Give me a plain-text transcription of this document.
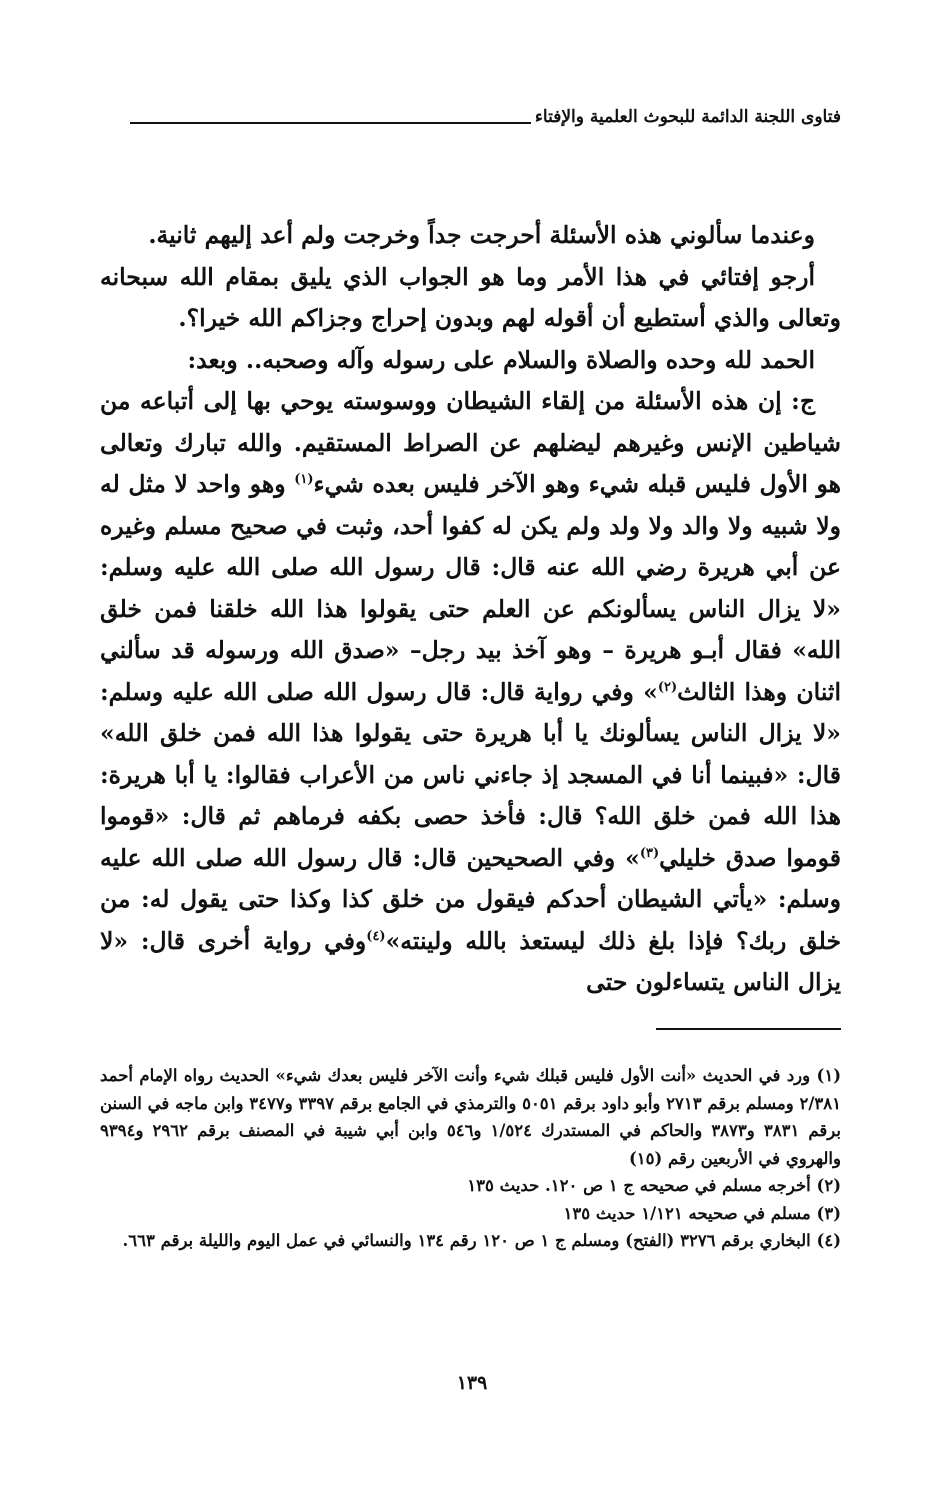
فتاوى اللجنة الدائمة للبحوث العلمية والإفتاء

وعندما سألوني هذه الأسئلة أحرجت جداً وخرجت ولم أعد إليهم ثانية.

أرجو إفتائي في هذا الأمر وما هو الجواب الذي يليق بمقام الله سبحانه وتعالى والذي أستطيع أن أقوله لهم وبدون إحراج وجزاكم الله خيرا؟.

الحمد لله وحده والصلاة والسلام على رسوله وآله وصحبه.. وبعد:

ج: إن هذه الأسئلة من إلقاء الشيطان ووسوسته يوحي بها إلى أتباعه من شياطين الإنس وغيرهم ليضلهم عن الصراط المستقيم. والله تبارك وتعالى هو الأول فليس قبله شيء وهو الآخر فليس بعده شيء$^{(١)}$ وهو واحد لا مثل له ولا شبيه ولا والد ولا ولد ولم يكن له كفوا أحد، وثبت في صحيح مسلم وغيره عن أبي هريرة رضي الله عنه قال: قال رسول الله صلى الله عليه وسلم: «لا يزال الناس يسألونكم عن العلم حتى يقولوا هذا الله خلقنا فمن خلق الله» فقال أبـو هريرة – وهو آخذ بيد رجل– «صدق الله ورسوله قد سألني اثنان وهذا الثالث$^{(٢)}$» وفي رواية قال: قال رسول الله صلى الله عليه وسلم: «لا يزال الناس يسألونك يا أبا هريرة حتى يقولوا هذا الله فمن خلق الله» قال: «فبينما أنا في المسجد إذ جاءني ناس من الأعراب فقالوا: يا أبا هريرة: هذا الله فمن خلق الله؟ قال: فأخذ حصى بكفه فرماهم ثم قال: «قوموا قوموا صدق خليلي$^{(٣)}$» وفي الصحيحين قال: قال رسول الله صلى الله عليه وسلم: «يأتي الشيطان أحدكم فيقول من خلق كذا وكذا حتى يقول له: من خلق ربك؟ فإذا بلغ ذلك ليستعذ بالله ولينته»$^{(٤)}$وفي رواية أخرى قال: «لا يزال الناس يتساءلون حتى

(١) ورد في الحديث «أنت الأول فليس قبلك شيء وأنت الآخر فليس بعدك شيء» الحديث رواه الإمام أحمد ٢/٣٨١ ومسلم برقم ٢٧١٣ وأبو داود برقم ٥٠٥١ والترمذي في الجامع برقم ٣٣٩٧ و٣٤٧٧ وابن ماجه في السنن برقم ٣٨٣١ و٣٨٧٣ والحاكم في المستدرك ١/٥٢٤ و٥٤٦ وابن أبي شيبة في المصنف برقم ٢٩٦٢ و٩٣٩٤ والهروي في الأربعين رقم (١٥)

(٢) أخرجه مسلم في صحيحه ج ١ ص ١٢٠. حديث ١٣٥

(٣) مسلم في صحيحه ١/١٢١ حديث ١٣٥

(٤) البخاري برقم ٣٢٧٦ (الفتح) ومسلم ج ١ ص ١٢٠ رقم ١٣٤ والنسائي في عمل اليوم والليلة برقم ٦٦٣.

١٣٩
